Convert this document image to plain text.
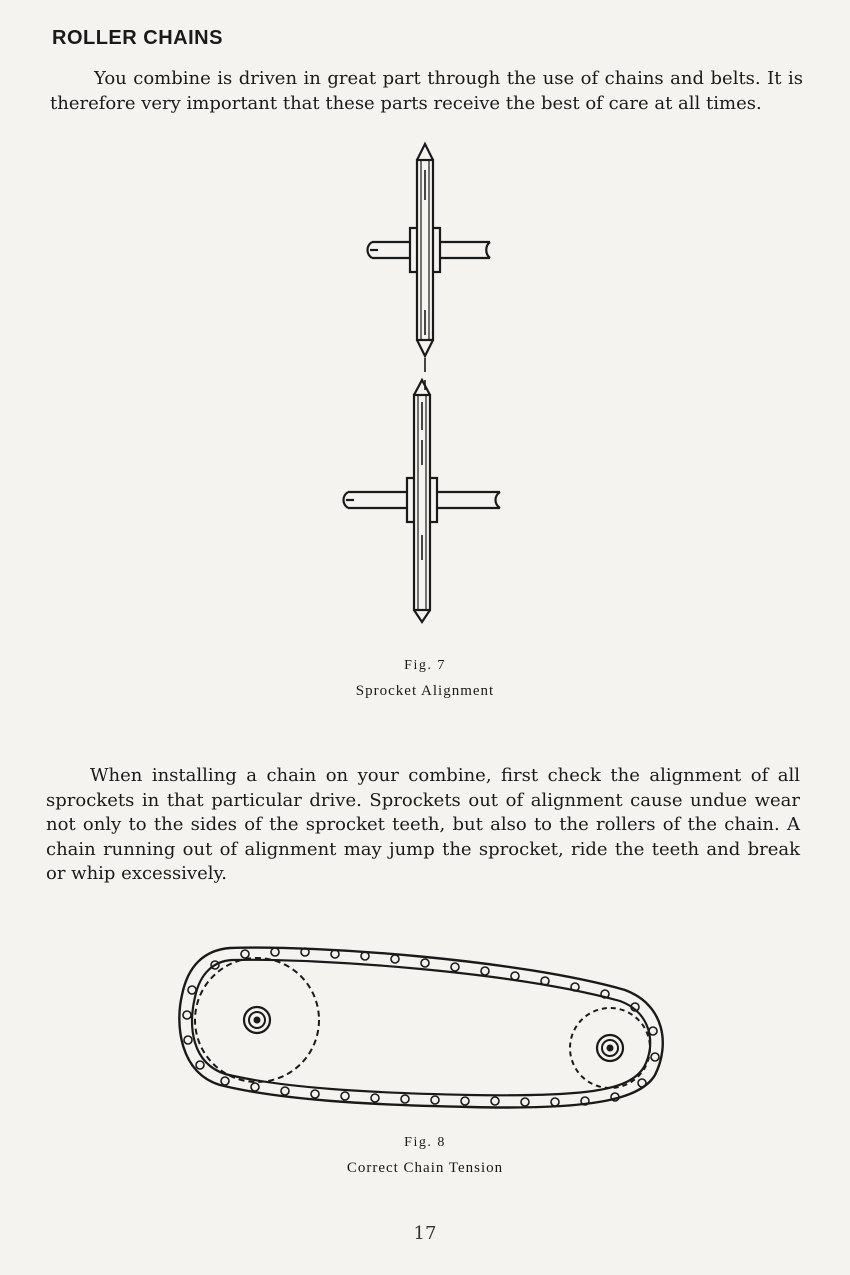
ROLLER CHAINS

You combine is driven in great part through the use of chains and belts. It is therefore very important that these parts receive the best of care at all times.

Fig. 7
Sprocket Alignment

When installing a chain on your combine, first check the alignment of all sprockets in that particular drive. Sprockets out of alignment cause undue wear not only to the sides of the sprocket teeth, but also to the rollers of the chain. A chain running out of alignment may jump the sprocket, ride the teeth and break or whip excessively.

Fig. 8
Correct Chain Tension
17
